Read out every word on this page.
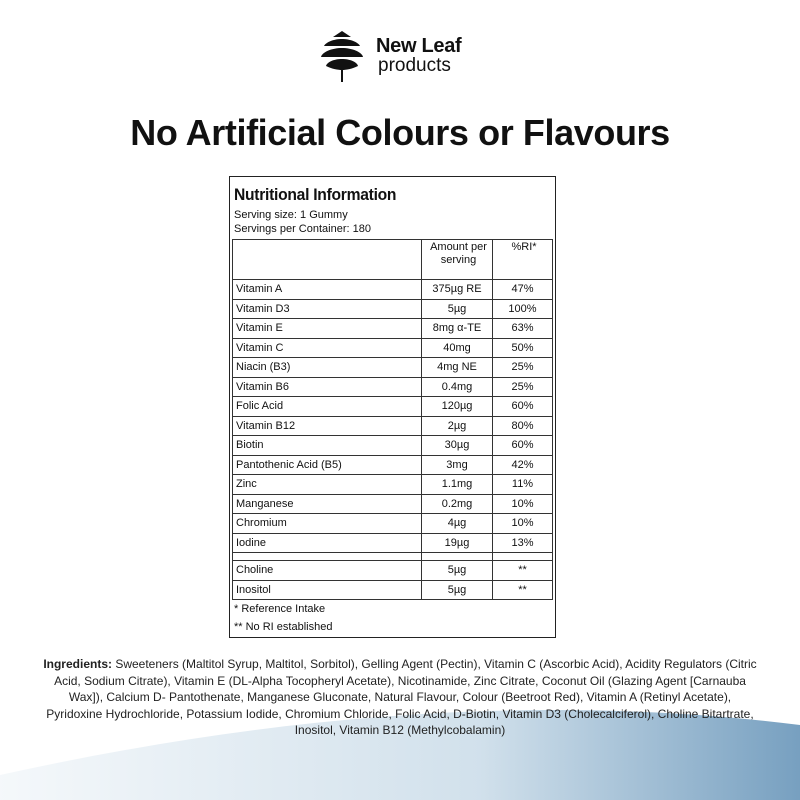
New Leaf
products
No Artificial Colours or Flavours
Nutritional Information
Serving size: 1 Gummy
Servings per Container: 180
	Amount per serving	%RI*
Vitamin A	375µg RE	47%
Vitamin D3	5µg	100%
Vitamin E	8mg α-TE	63%
Vitamin C	40mg	50%
Niacin (B3)	4mg NE	25%
Vitamin B6	0.4mg	25%
Folic Acid	120µg	60%
Vitamin B12	2µg	80%
Biotin	30µg	60%
Pantothenic Acid (B5)	3mg	42%
Zinc	1.1mg	11%
Manganese	0.2mg	10%
Chromium	4µg	10%
Iodine	19µg	13%

Choline	5µg	**
Inositol	5µg	**
* Reference Intake
** No RI established
Ingredients: Sweeteners (Maltitol Syrup, Maltitol, Sorbitol), Gelling Agent (Pectin), Vitamin C (Ascorbic Acid), Acidity Regulators (Citric Acid, Sodium Citrate), Vitamin E (DL-Alpha Tocopheryl Acetate), Nicotinamide, Zinc Citrate, Coconut Oil (Glazing Agent [Carnauba Wax]), Calcium D- Pantothenate, Manganese Gluconate, Natural Flavour, Colour (Beetroot Red), Vitamin A (Retinyl Acetate), Pyridoxine Hydrochloride, Potassium Iodide, Chromium Chloride, Folic Acid, D-Biotin, Vitamin D3 (Cholecalciferol), Choline Bitartrate, Inositol, Vitamin B12 (Methylcobalamin)
